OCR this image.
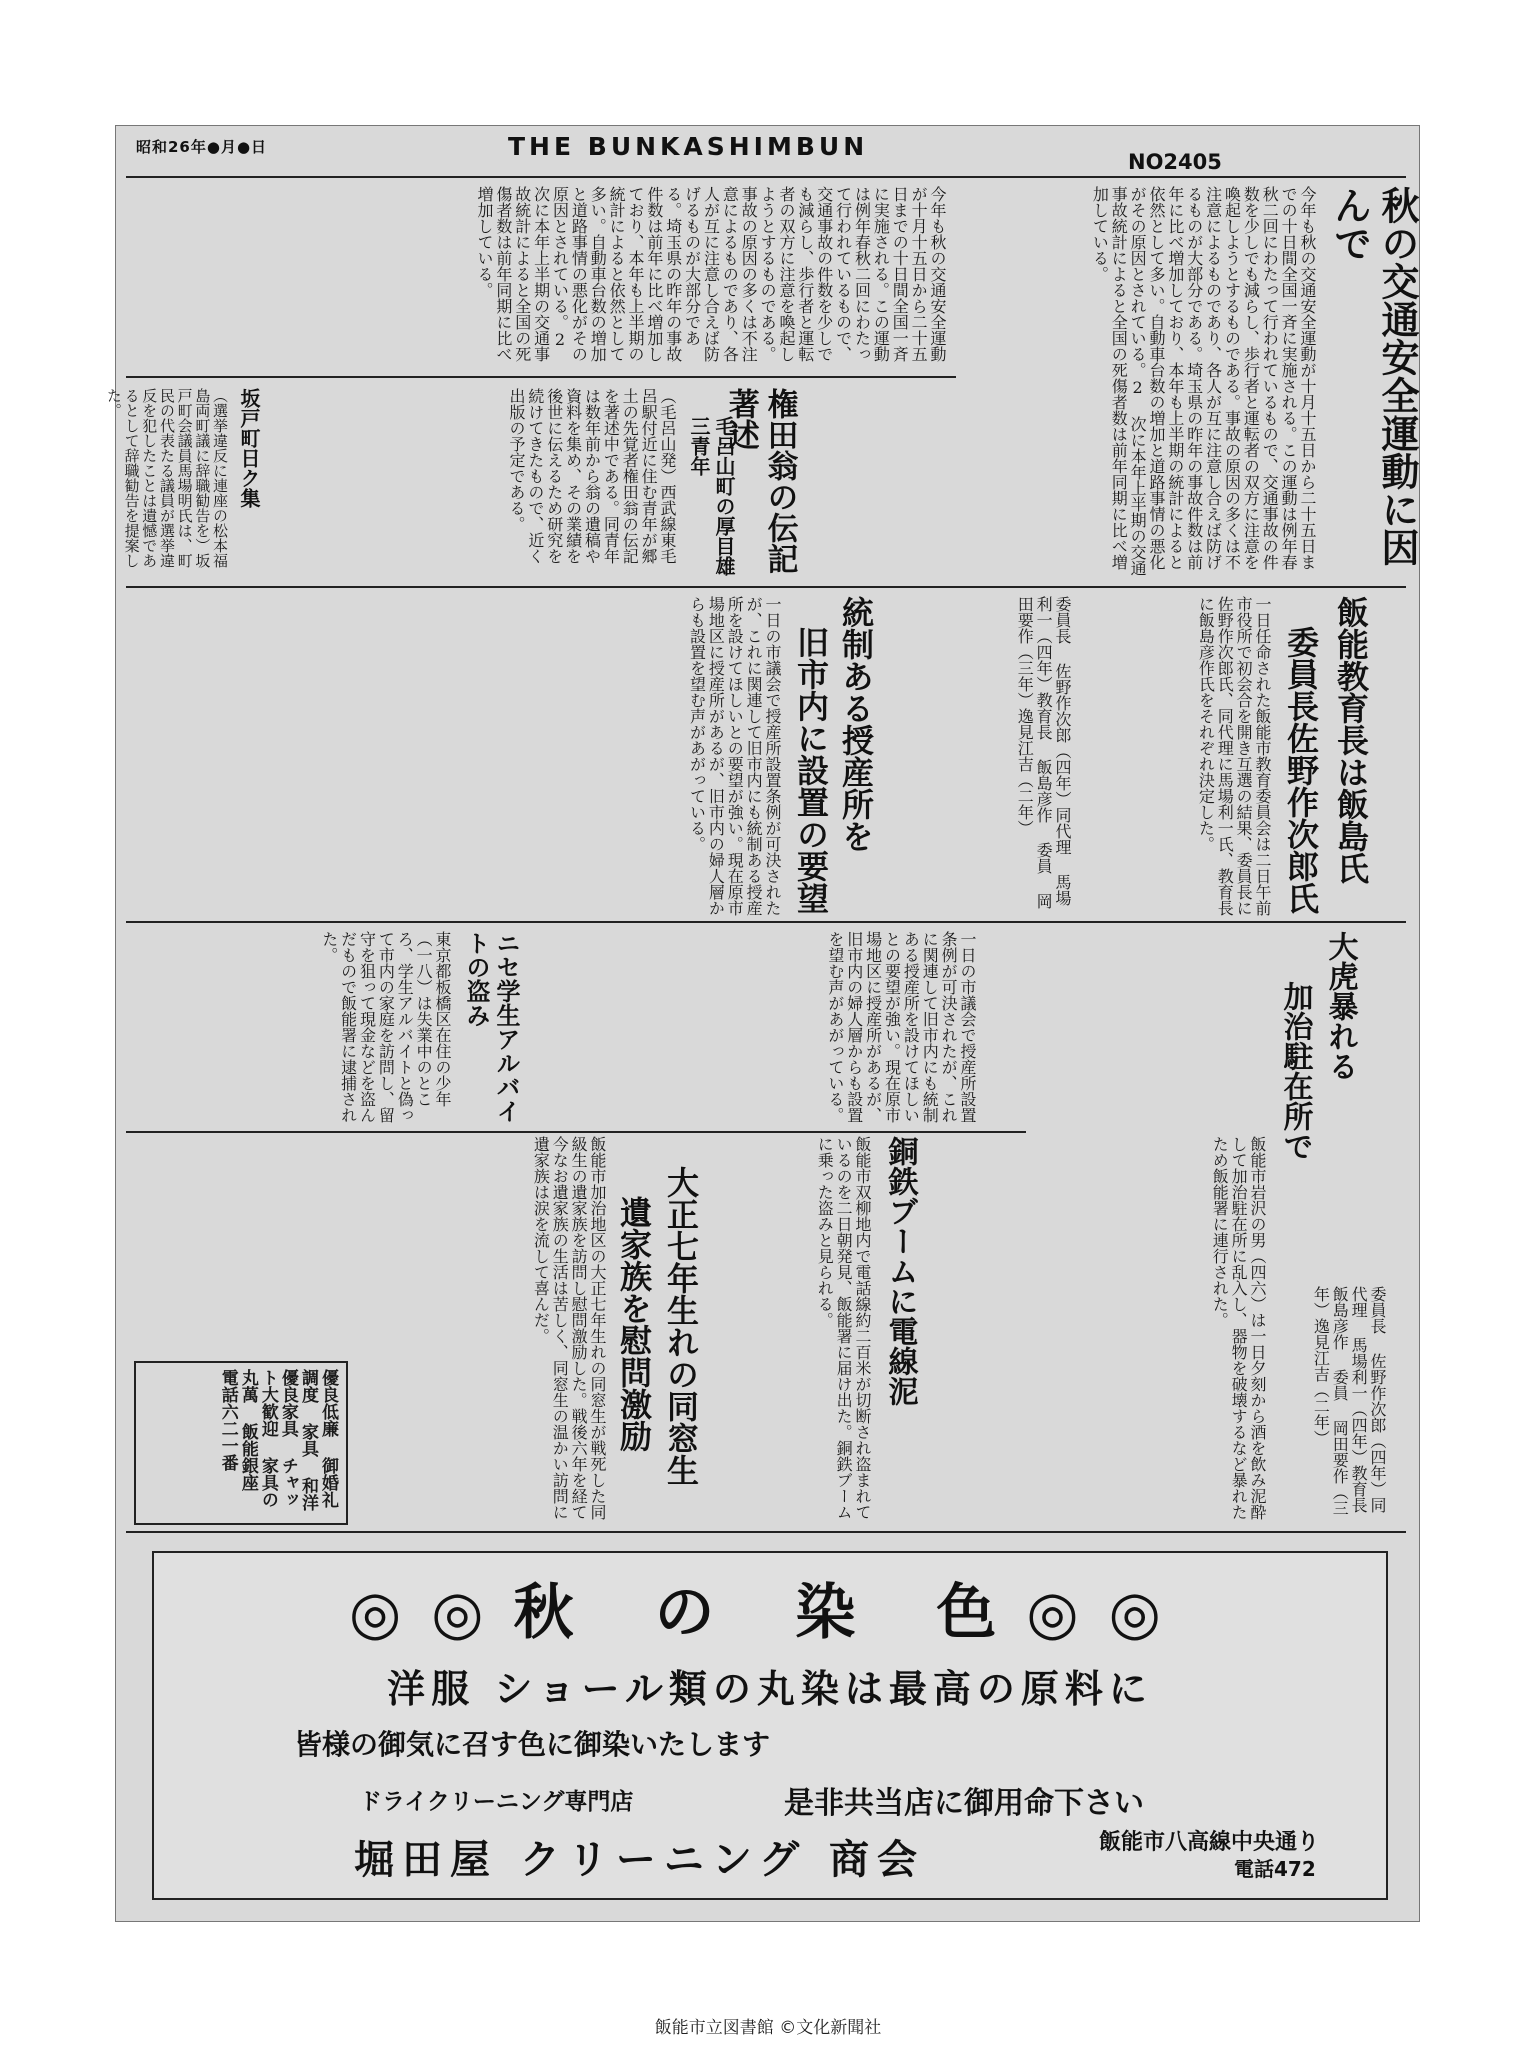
昭和26年●月●日	THE BUNKASHIMBUN
NO2405
秋の交通安全運動に因んで
今年も秋の交通安全運動が十月十五日から二十五日までの十日間全国一斉に実施される。この運動は例年春秋二回にわたって行われているもので、交通事故の件数を少しでも減らし、歩行者と運転者の双方に注意を喚起しようとするものである。事故の原因の多くは不注意によるものであり、各人が互に注意し合えば防げるものが大部分である。埼玉県の昨年の事故件数は前年に比べ増加しており、本年も上半期の統計によると依然として多い。自動車台数の増加と道路事情の悪化がその原因とされている。2 次に本年上半期の交通事故統計によると全国の死傷者数は前年同期に比べ増加している。
今年も秋の交通安全運動が十月十五日から二十五日までの十日間全国一斉に実施される。この運動は例年春秋二回にわたって行われているもので、交通事故の件数を少しでも減らし、歩行者と運転者の双方に注意を喚起しようとするものである。事故の原因の多くは不注意によるものであり、各人が互に注意し合えば防げるものが大部分である。埼玉県の昨年の事故件数は前年に比べ増加しており、本年も上半期の統計によると依然として多い。自動車台数の増加と道路事情の悪化がその原因とされている。2 次に本年上半期の交通事故統計によると全国の死傷者数は前年同期に比べ増加している。
権田翁の伝記著述
毛呂山町の厚目雄三青年
（毛呂山発）西武線東毛呂駅付近に住む青年が郷土の先覚者権田翁の伝記を著述中である。同青年は数年前から翁の遺稿や資料を集め、その業績を後世に伝えるため研究を続けてきたもので、近く出版の予定である。
坂戸町日ク集
（選挙違反に連座の松本福島両町議に辞職勧告を）坂戸町会議員馬場明氏は、町民の代表たる議員が選挙違反を犯したことは遺憾であるとして辞職勧告を提案した。
飯能教育長は飯島氏
委員長佐野作次郎氏
一日任命された飯能市教育委員会は二日午前市役所で初会合を開き互選の結果、委員長に佐野作次郎氏、同代理に馬場利一氏、教育長に飯島彦作氏をそれぞれ決定した。
委員長 佐野作次郎（四年）同代理 馬場利一（四年）教育長 飯島彦作 委員 岡田要作（三年）逸見江吉（二年）
統制ある授産所を
旧市内に設置の要望
一日の市議会で授産所設置条例が可決されたが、これに関連して旧市内にも統制ある授産所を設けてほしいとの要望が強い。現在原市場地区に授産所があるが、旧市内の婦人層からも設置を望む声があがっている。
ニセ学生アルバイトの盗み
東京都板橋区在住の少年（一八）は失業中のところ、学生アルバイトと偽って市内の家庭を訪問し、留守を狙って現金などを盗んだもので飯能署に逮捕された。	一日の市議会で授産所設置条例が可決されたが、これに関連して旧市内にも統制ある授産所を設けてほしいとの要望が強い。現在原市場地区に授産所があるが、旧市内の婦人層からも設置を望む声があがっている。	大虎暴れる
加治駐在所で
飯能市岩沢の男（四六）は一日夕刻から酒を飲み泥酔して加治駐在所に乱入し、器物を破壊するなど暴れたため飯能署に連行された。
委員長 佐野作次郎（四年）同代理 馬場利一（四年）教育長 飯島彦作 委員 岡田要作（三年）逸見江吉（二年）
銅鉄ブームに電線泥
飯能市双柳地内で電話線約二百米が切断され盗まれているのを二日朝発見、飯能署に届け出た。銅鉄ブームに乗った盗みと見られる。
大正七年生れの同窓生
遺家族を慰問激励
飯能市加治地区の大正七年生れの同窓生が戦死した同級生の遺家族を訪問し慰問激励した。戦後六年を経て今なお遺家族の生活は苦しく、同窓生の温かい訪問に遺家族は涙を流して喜んだ。
優良低廉 御婚礼調度 家具 和洋優良家具 チャット大歓迎 家具の丸萬 飯能銀座 電話六二一番
◎◎秋 の 染 色◎◎
洋服 ショール類の丸染は最高の原料に
皆様の御気に召す色に御染いたします
ドライクリーニング専門店	是非共当店に御用命下さい
堀田屋 クリーニング 商会	飯能市八高線中央通り
電話472
飯能市立図書館 ©文化新聞社
